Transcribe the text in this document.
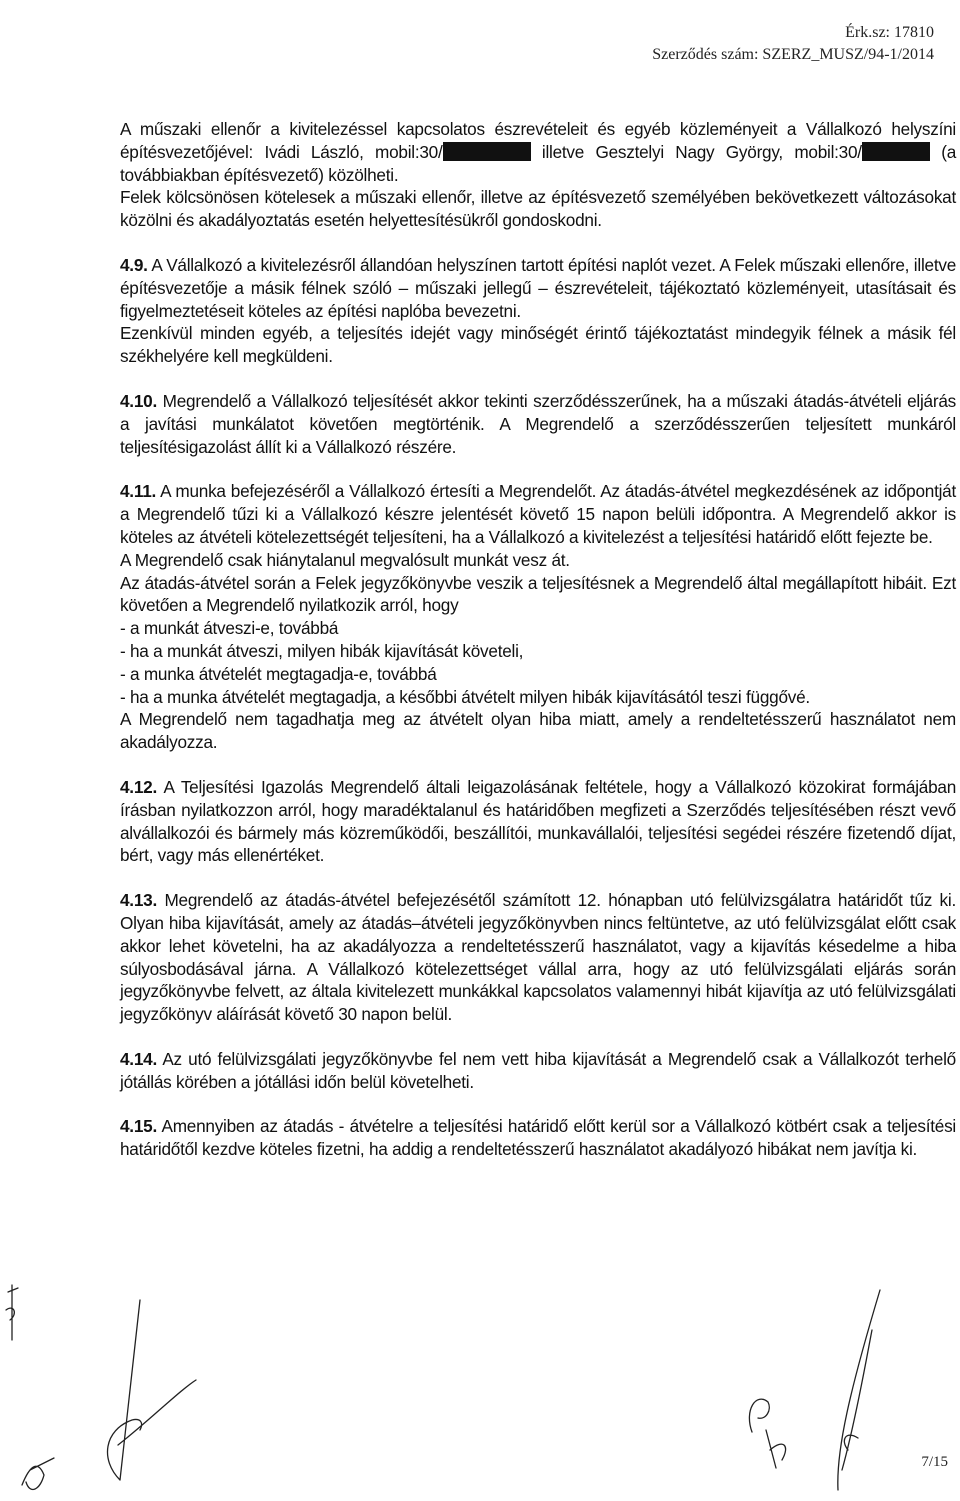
Érk.sz: 17810
Szerződés szám: SZERZ_MUSZ/94-1/2014

A műszaki ellenőr a kivitelezéssel kapcsolatos észrevételeit és egyéb közleményeit a Vállalkozó helyszíni építésvezetőjével: Ivádi László, mobil:30/	illetve Gesztelyi Nagy György, mobil:30/	(a továbbiakban építésvezető) közölheti.

Felek kölcsönösen kötelesek a műszaki ellenőr, illetve az építésvezető személyében bekövetkezett változásokat közölni és akadályoztatás esetén helyettesítésükről gondoskodni.

4.9. A Vállalkozó a kivitelezésről állandóan helyszínen tartott építési naplót vezet. A Felek műszaki ellenőre, illetve építésvezetője a másik félnek szóló – műszaki jellegű – észrevételeit, tájékoztató közleményeit, utasításait és figyelmeztetéseit köteles az építési naplóba bevezetni.

Ezenkívül minden egyéb, a teljesítés idejét vagy minőségét érintő tájékoztatást mindegyik félnek a másik fél székhelyére kell megküldeni.

4.10. Megrendelő a Vállalkozó teljesítését akkor tekinti szerződésszerűnek, ha a műszaki átadás-átvételi eljárás a javítási munkálatot követően megtörténik. A Megrendelő a szerződésszerűen teljesített munkáról teljesítésigazolást állít ki a Vállalkozó részére.

4.11. A munka befejezéséről a Vállalkozó értesíti a Megrendelőt. Az átadás-átvétel megkezdésének az időpontját a Megrendelő tűzi ki a Vállalkozó készre jelentését követő 15 napon belüli időpontra. A Megrendelő akkor is köteles az átvételi kötelezettségét teljesíteni, ha a Vállalkozó a kivitelezést a teljesítési határidő előtt fejezte be.

A Megrendelő csak hiánytalanul megvalósult munkát vesz át.

Az átadás-átvétel során a Felek jegyzőkönyvbe veszik a teljesítésnek a Megrendelő által megállapított hibáit. Ezt követően a Megrendelő nyilatkozik arról, hogy

- a munkát átveszi-e, továbbá

- ha a munkát átveszi, milyen hibák kijavítását követeli,

- a munka átvételét megtagadja-e, továbbá

- ha a munka átvételét megtagadja, a későbbi átvételt milyen hibák kijavításától teszi függővé.

A Megrendelő nem tagadhatja meg az átvételt olyan hiba miatt, amely a rendeltetésszerű használatot nem akadályozza.

4.12. A Teljesítési Igazolás Megrendelő általi leigazolásának feltétele, hogy a Vállalkozó közokirat formájában írásban nyilatkozzon arról, hogy maradéktalanul és határidőben megfizeti a Szerződés teljesítésében részt vevő alvállalkozói és bármely más közreműködői, beszállítói, munkavállalói, teljesítési segédei részére fizetendő díjat, bért, vagy más ellenértéket.

4.13. Megrendelő az átadás-átvétel befejezésétől számított 12. hónapban utó felülvizsgálatra határidőt tűz ki. Olyan hiba kijavítását, amely az átadás–átvételi jegyzőkönyvben nincs feltüntetve, az utó felülvizsgálat előtt csak akkor lehet követelni, ha az akadályozza a rendeltetésszerű használatot, vagy a kijavítás késedelme a hiba súlyosbodásával járna. A Vállalkozó kötelezettséget vállal arra, hogy az utó felülvizsgálati eljárás során jegyzőkönyvbe felvett, az általa kivitelezett munkákkal kapcsolatos valamennyi hibát kijavítja az utó felülvizsgálati jegyzőkönyv aláírását követő 30 napon belül.

4.14. Az utó felülvizsgálati jegyzőkönyvbe fel nem vett hiba kijavítását a Megrendelő csak a Vállalkozót terhelő jótállás körében a jótállási időn belül követelheti.

4.15. Amennyiben az átadás - átvételre a teljesítési határidő előtt kerül sor a Vállalkozó kötbért csak a teljesítési határidőtől kezdve köteles fizetni, ha addig a rendeltetésszerű használatot akadályozó hibákat nem javítja ki.

7/15
